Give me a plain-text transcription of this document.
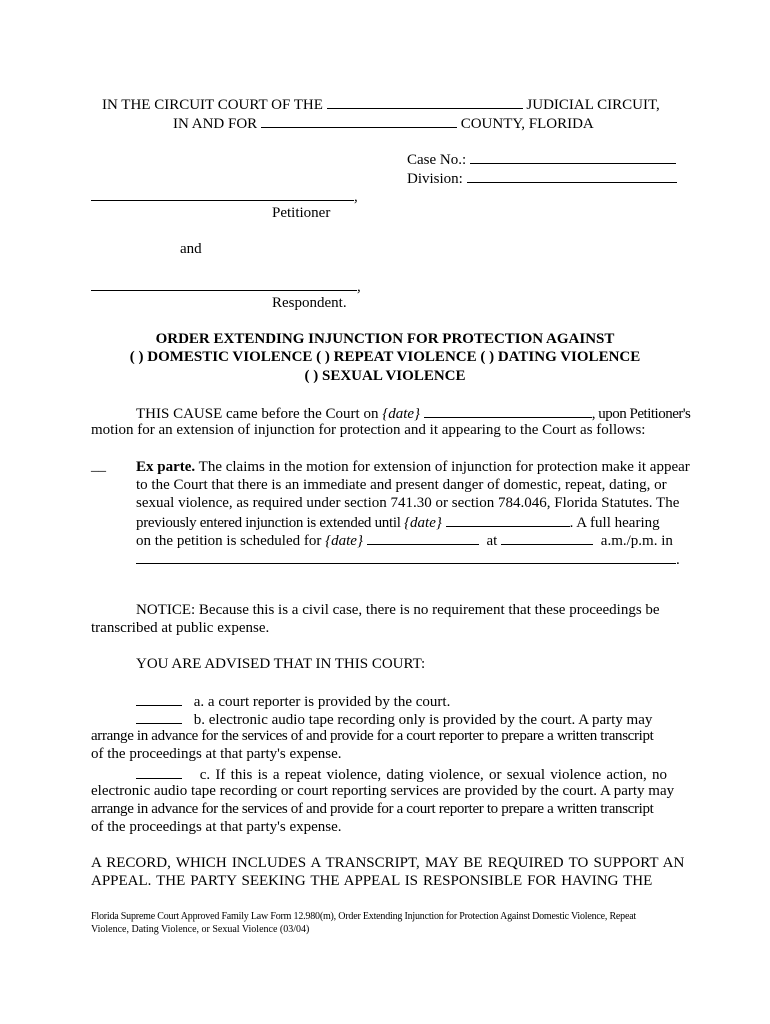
IN THE CIRCUIT COURT OF THE	JUDICIAL CIRCUIT,
IN AND FOR	COUNTY, FLORIDA
Case No.:
Division:
,
Petitioner
and
,
Respondent.
ORDER EXTENDING INJUNCTION FOR PROTECTION AGAINST
( ) DOMESTIC VIOLENCE ( ) REPEAT VIOLENCE ( ) DATING VIOLENCE
( ) SEXUAL VIOLENCE
THIS CAUSE came before the Court on {date}	, upon Petitioner's
motion for an extension of injunction for protection and it appearing to the Court as follows:
__ Ex parte. The claims in the motion for extension of injunction for protection make it appear
to the Court that there is an immediate and present danger of domestic, repeat, dating, or
sexual violence, as required under section 741.30 or section 784.046, Florida Statutes. The
previously entered injunction is extended until {date}	. A full hearing
on the petition is scheduled for {date}	at	a.m./p.m. in
.
NOTICE: Because this is a civil case, there is no requirement that these proceedings be
transcribed at public expense.
YOU ARE ADVISED THAT IN THIS COURT:
a. a court reporter is provided by the court.
b. electronic audio tape recording only is provided by the court. A party may
arrange in advance for the services of and provide for a court reporter to prepare a written transcript
of the proceedings at that party's expense.
c. If this is a repeat violence, dating violence, or sexual violence action, no
electronic audio tape recording or court reporting services are provided by the court. A party may
arrange in advance for the services of and provide for a court reporter to prepare a written transcript
of the proceedings at that party's expense.
A RECORD, WHICH INCLUDES A TRANSCRIPT, MAY BE REQUIRED TO SUPPORT AN
APPEAL. THE PARTY SEEKING THE APPEAL IS RESPONSIBLE FOR HAVING THE
Florida Supreme Court Approved Family Law Form 12.980(m), Order Extending Injunction for Protection Against Domestic Violence, Repeat
Violence, Dating Violence, or Sexual Violence (03/04)
